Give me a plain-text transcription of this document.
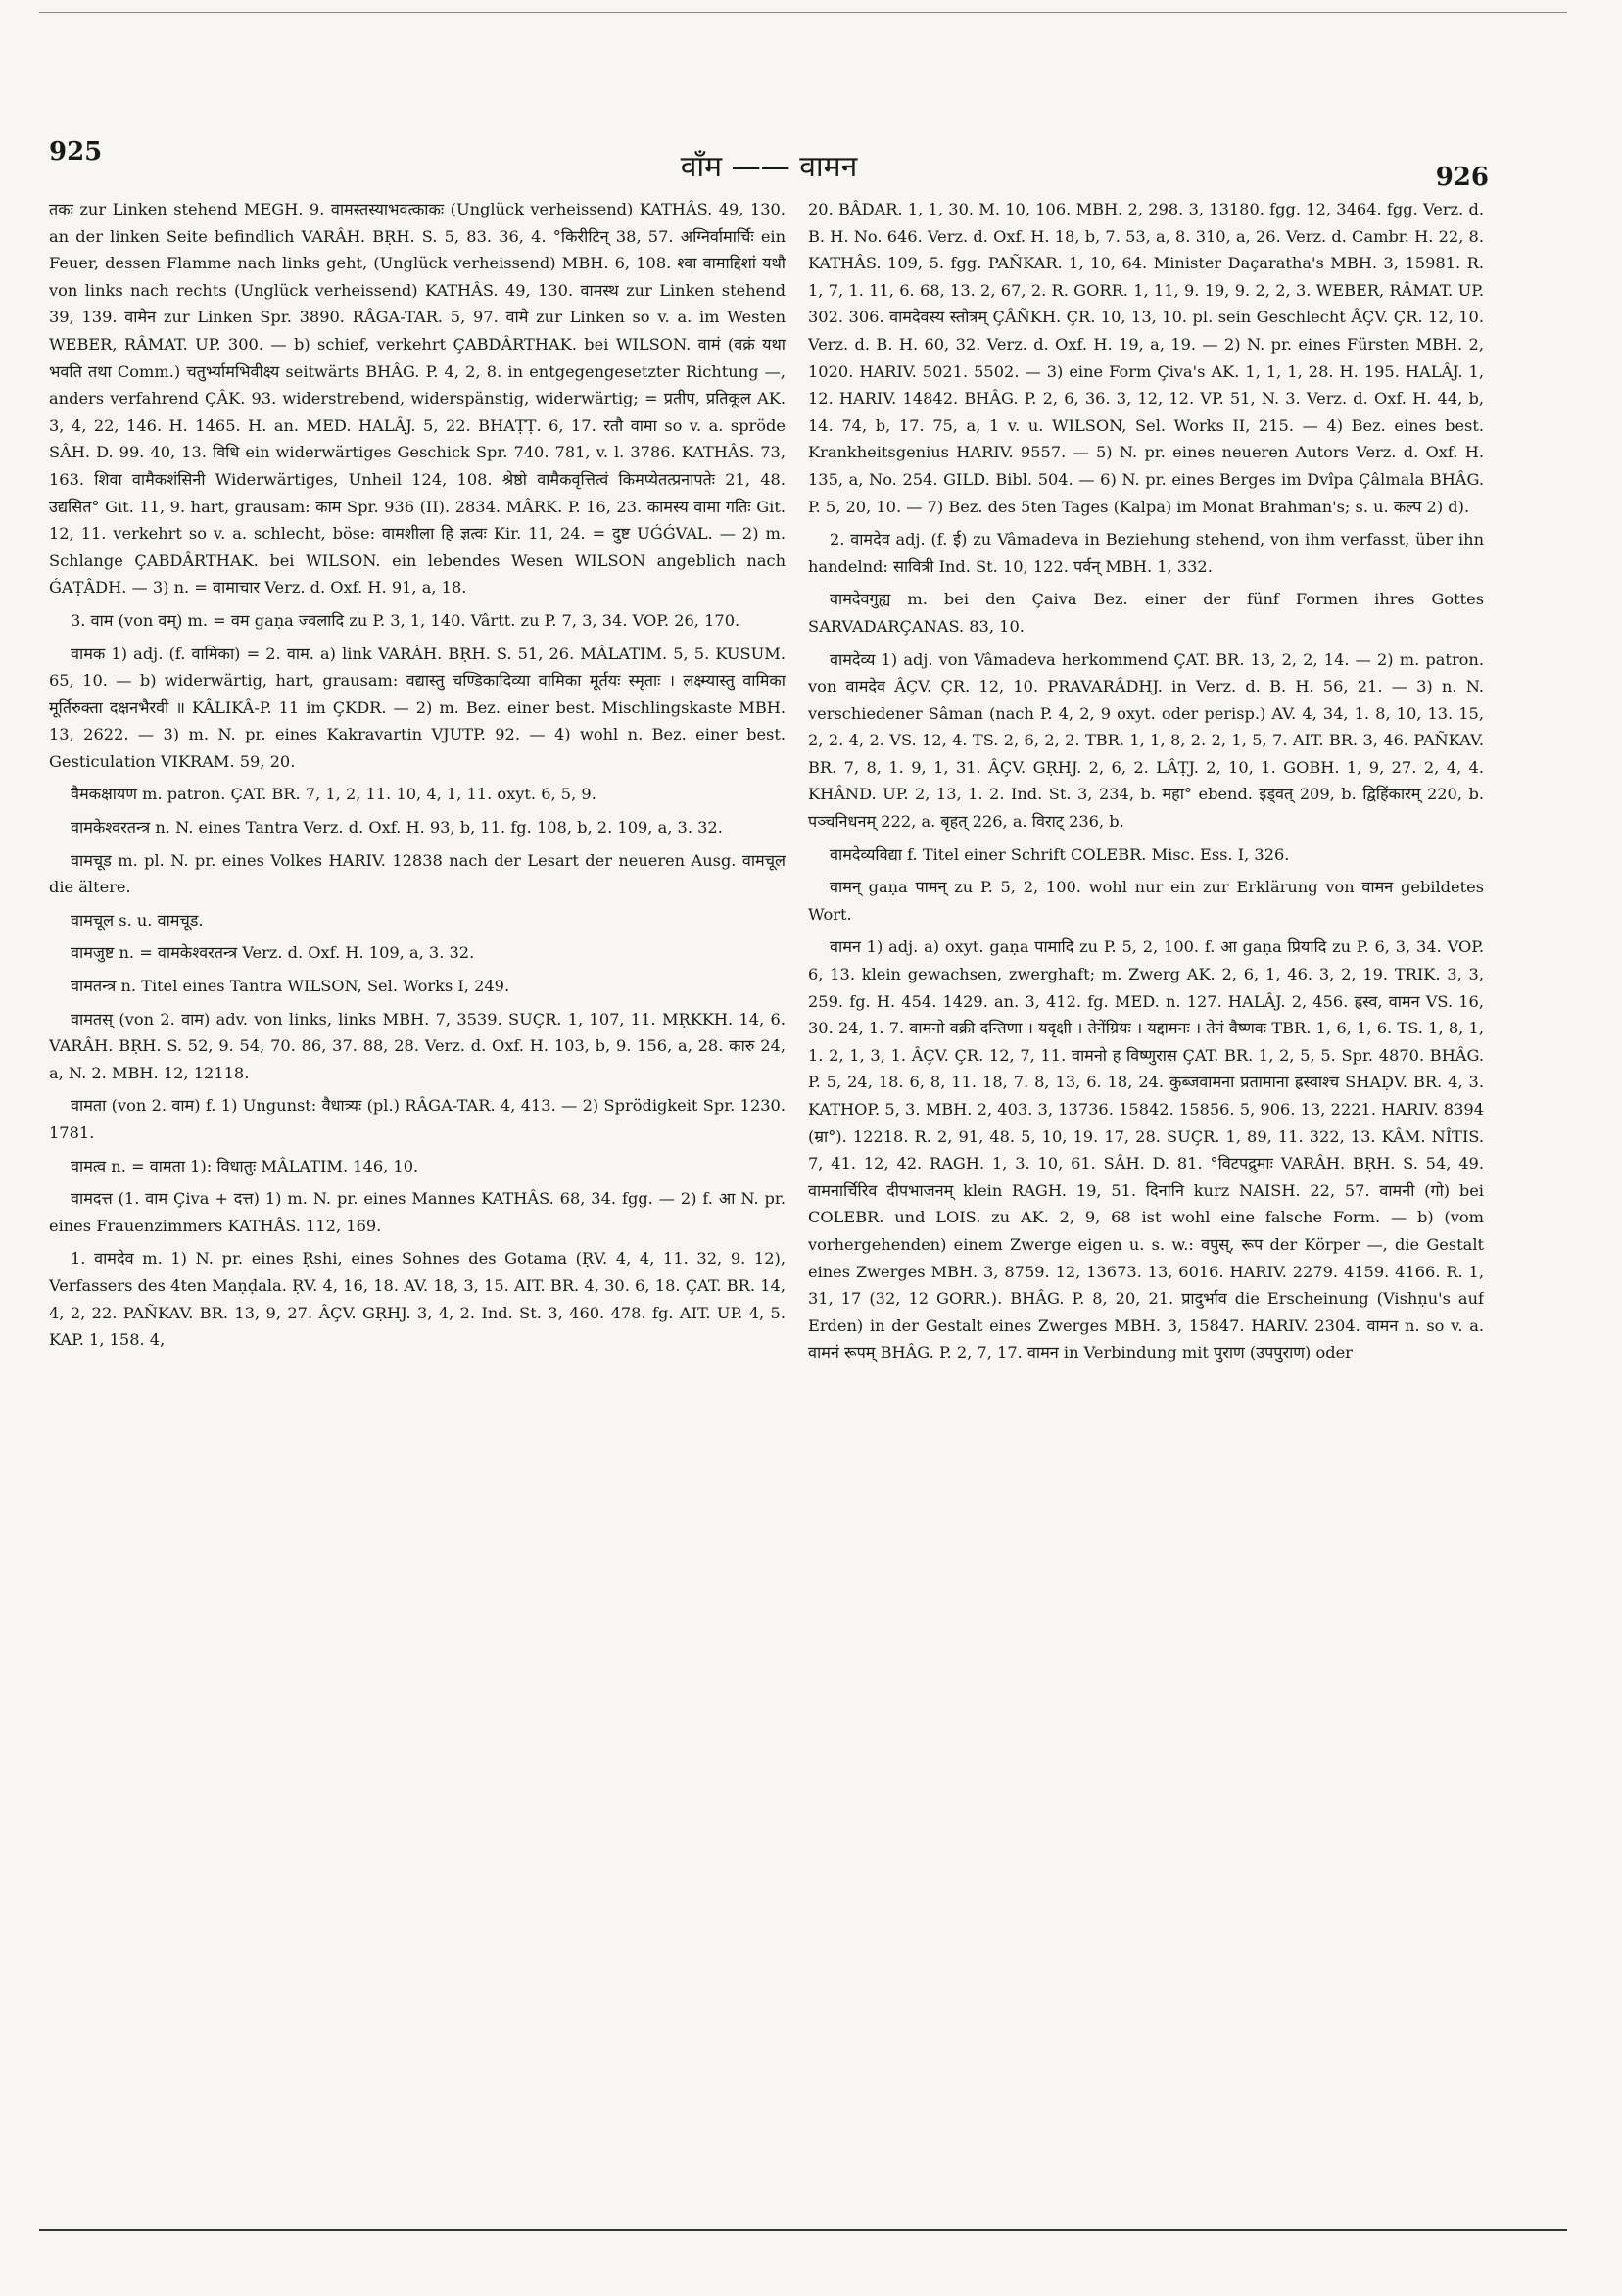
925	वाँम —— वामन	926

तकः zur Linken stehend MEGH. 9. वामस्तस्याभवत्काकः (Unglück verheissend) KATHÂS. 49, 130. an der linken Seite befindlich VARÂH. BṚH. S. 5, 83. 36, 4. °किरीटिन् 38, 57. अग्निर्वामार्चिः ein Feuer, dessen Flamme nach links geht, (Unglück verheissend) MBH. 6, 108. श्वा वामाद्दिशां यथौ von links nach rechts (Unglück verheissend) KATHÂS. 49, 130. वामस्थ zur Linken stehend 39, 139. वामेन zur Linken Spr. 3890. RÂGA-TAR. 5, 97. वामे zur Linken so v. a. im Westen WEBER, RÂMAT. UP. 300. — b) schief, verkehrt ÇABDÂRTHAK. bei WILSON. वामं (वक्रं यथा भवति तथा Comm.) चतुर्भ्यामभिवीक्ष्य seitwärts BHÂG. P. 4, 2, 8. in entgegengesetzter Richtung —, anders verfahrend ÇÂK. 93. widerstrebend, widerspänstig, widerwärtig; = प्रतीप, प्रतिकूल AK. 3, 4, 22, 146. H. 1465. H. an. MED. HALÂJ. 5, 22. BHAṬṬ. 6, 17. रतौ वामा so v. a. spröde SÂH. D. 99. 40, 13. विधि ein widerwärtiges Geschick Spr. 740. 781, v. l. 3786. KATHÂS. 73, 163. शिवा वामैकशंसिनी Widerwärtiges, Unheil 124, 108. श्रेष्ठो वामैकवृत्तित्वं किमप्येतत्प्रनापतेः 21, 48. उद्यसित° Git. 11, 9. hart, grausam: काम Spr. 936 (II). 2834. MÂRK. P. 16, 23. कामस्य वामा गतिः Git. 12, 11. verkehrt so v. a. schlecht, böse: वामशीला हि ज्ञत्वः Kir. 11, 24. = दुष्ट UǴǴVAL. — 2) m. Schlange ÇABDÂRTHAK. bei WILSON. ein lebendes Wesen WILSON angeblich nach ǴAṬÂDH. — 3) n. = वामाचार Verz. d. Oxf. H. 91, a, 18.

3. वाम (von वम्) m. = वम gaṇa ज्वलादि zu P. 3, 1, 140. Vârtt. zu P. 7, 3, 34. VOP. 26, 170.

वामक 1) adj. (f. वामिका) = 2. वाम. a) link VARÂH. BṚH. S. 51, 26. MÂLATIM. 5, 5. KUSUM. 65, 10. — b) widerwärtig, hart, grausam: वद्यास्तु चण्डिकादिव्या वामिका मूर्तयः स्मृताः । लक्ष्म्यास्तु वामिका मूर्तिरुक्ता दक्षनभैरवी ॥ KÂLIKÂ-P. 11 im ÇKDR. — 2) m. Bez. einer best. Mischlingskaste MBH. 13, 2622. — 3) m. N. pr. eines Kakravartin VJUTP. 92. — 4) wohl n. Bez. einer best. Gesticulation VIKRAM. 59, 20.

वैमकक्षायण m. patron. ÇAT. BR. 7, 1, 2, 11. 10, 4, 1, 11. oxyt. 6, 5, 9.

वामकेश्वरतन्त्र n. N. eines Tantra Verz. d. Oxf. H. 93, b, 11. fg. 108, b, 2. 109, a, 3. 32.

वामचूड m. pl. N. pr. eines Volkes HARIV. 12838 nach der Lesart der neueren Ausg. वामचूल die ältere.

वामचूल s. u. वामचूड.

वामजुष्ट n. = वामकेश्वरतन्त्र Verz. d. Oxf. H. 109, a, 3. 32.

वामतन्त्र n. Titel eines Tantra WILSON, Sel. Works I, 249.

वामतस् (von 2. वाम) adv. von links, links MBH. 7, 3539. SUÇR. 1, 107, 11. MṚKKH. 14, 6. VARÂH. BṚH. S. 52, 9. 54, 70. 86, 37. 88, 28. Verz. d. Oxf. H. 103, b, 9. 156, a, 28. कारु 24, a, N. 2. MBH. 12, 12118.

वामता (von 2. वाम) f. 1) Ungunst: वैधात्र्यः (pl.) RÂGA-TAR. 4, 413. — 2) Sprödigkeit Spr. 1230. 1781.

वामत्व n. = वामता 1): विधातुः MÂLATIM. 146, 10.

वामदत्त (1. वाम Çiva + दत्त) 1) m. N. pr. eines Mannes KATHÂS. 68, 34. fgg. — 2) f. आ N. pr. eines Frauenzimmers KATHÂS. 112, 169.

1. वामदेव m. 1) N. pr. eines Ṛshi, eines Sohnes des Gotama (ṚV. 4, 4, 11. 32, 9. 12), Verfassers des 4ten Maṇḍala. ṚV. 4, 16, 18. AV. 18, 3, 15. AIT. BR. 4, 30. 6, 18. ÇAT. BR. 14, 4, 2, 22. PAÑKAV. BR. 13, 9, 27. ÂÇV. GṚHJ. 3, 4, 2. Ind. St. 3, 460. 478. fg. AIT. UP. 4, 5. KAP. 1, 158. 4,

20. BÂDAR. 1, 1, 30. M. 10, 106. MBH. 2, 298. 3, 13180. fgg. 12, 3464. fgg. Verz. d. B. H. No. 646. Verz. d. Oxf. H. 18, b, 7. 53, a, 8. 310, a, 26. Verz. d. Cambr. H. 22, 8. KATHÂS. 109, 5. fgg. PAÑKAR. 1, 10, 64. Minister Daçaratha's MBH. 3, 15981. R. 1, 7, 1. 11, 6. 68, 13. 2, 67, 2. R. GORR. 1, 11, 9. 19, 9. 2, 2, 3. WEBER, RÂMAT. UP. 302. 306. वामदेवस्य स्तोत्रम् ÇÂÑKH. ÇR. 10, 13, 10. pl. sein Geschlecht ÂÇV. ÇR. 12, 10. Verz. d. B. H. 60, 32. Verz. d. Oxf. H. 19, a, 19. — 2) N. pr. eines Fürsten MBH. 2, 1020. HARIV. 5021. 5502. — 3) eine Form Çiva's AK. 1, 1, 1, 28. H. 195. HALÂJ. 1, 12. HARIV. 14842. BHÂG. P. 2, 6, 36. 3, 12, 12. VP. 51, N. 3. Verz. d. Oxf. H. 44, b, 14. 74, b, 17. 75, a, 1 v. u. WILSON, Sel. Works II, 215. — 4) Bez. eines best. Krankheitsgenius HARIV. 9557. — 5) N. pr. eines neueren Autors Verz. d. Oxf. H. 135, a, No. 254. GILD. Bibl. 504. — 6) N. pr. eines Berges im Dvîpa Çâlmala BHÂG. P. 5, 20, 10. — 7) Bez. des 5ten Tages (Kalpa) im Monat Brahman's; s. u. कल्प 2) d).

2. वामदेव adj. (f. ई) zu Vâmadeva in Beziehung stehend, von ihm verfasst, über ihn handelnd: सावित्री Ind. St. 10, 122. पर्वन् MBH. 1, 332.

वामदेवगुह्य m. bei den Çaiva Bez. einer der fünf Formen ihres Gottes SARVADARÇANAS. 83, 10.

वामदेव्य 1) adj. von Vâmadeva herkommend ÇAT. BR. 13, 2, 2, 14. — 2) m. patron. von वामदेव ÂÇV. ÇR. 12, 10. PRAVARÂDHJ. in Verz. d. B. H. 56, 21. — 3) n. N. verschiedener Sâman (nach P. 4, 2, 9 oxyt. oder perisp.) AV. 4, 34, 1. 8, 10, 13. 15, 2, 2. 4, 2. VS. 12, 4. TS. 2, 6, 2, 2. TBR. 1, 1, 8, 2. 2, 1, 5, 7. AIT. BR. 3, 46. PAÑKAV. BR. 7, 8, 1. 9, 1, 31. ÂÇV. GṚHJ. 2, 6, 2. LÂṬJ. 2, 10, 1. GOBH. 1, 9, 27. 2, 4, 4. KHÂND. UP. 2, 13, 1. 2. Ind. St. 3, 234, b. महा° ebend. इड्वत् 209, b. द्विहिंकारम् 220, b. पञ्चनिधनम् 222, a. बृहत् 226, a. विराट् 236, b.

वामदेव्यविद्या f. Titel einer Schrift COLEBR. Misc. Ess. I, 326.

वामन् gaṇa पामन् zu P. 5, 2, 100. wohl nur ein zur Erklärung von वामन gebildetes Wort.

वामन 1) adj. a) oxyt. gaṇa पामादि zu P. 5, 2, 100. f. आ gaṇa प्रियादि zu P. 6, 3, 34. VOP. 6, 13. klein gewachsen, zwerghaft; m. Zwerg AK. 2, 6, 1, 46. 3, 2, 19. TRIK. 3, 3, 259. fg. H. 454. 1429. an. 3, 412. fg. MED. n. 127. HALÂJ. 2, 456. ह्रस्व, वामन VS. 16, 30. 24, 1. 7. वामनो वक्री दन्तिणा । यदृक्षी । तेनेंग्रियः । यद्दामनः । तेनं वैष्णवः TBR. 1, 6, 1, 6. TS. 1, 8, 1, 1. 2, 1, 3, 1. ÂÇV. ÇR. 12, 7, 11. वामनो ह विष्णुरास ÇAT. BR. 1, 2, 5, 5. Spr. 4870. BHÂG. P. 5, 24, 18. 6, 8, 11. 18, 7. 8, 13, 6. 18, 24. कुब्जवामना प्रतामाना ह्रस्वाश्च SHAḌV. BR. 4, 3. KATHOP. 5, 3. MBH. 2, 403. 3, 13736. 15842. 15856. 5, 906. 13, 2221. HARIV. 8394 (म्रा°). 12218. R. 2, 91, 48. 5, 10, 19. 17, 28. SUÇR. 1, 89, 11. 322, 13. KÂM. NÎTIS. 7, 41. 12, 42. RAGH. 1, 3. 10, 61. SÂH. D. 81. °विटपद्रुमाः VARÂH. BṚH. S. 54, 49. वामनार्चिरिव दीपभाजनम् klein RAGH. 19, 51. दिनानि kurz NAISH. 22, 57. वामनी (गो) bei COLEBR. und LOIS. zu AK. 2, 9, 68 ist wohl eine falsche Form. — b) (vom vorhergehenden) einem Zwerge eigen u. s. w.: वपुस्, रूप der Körper —, die Gestalt eines Zwerges MBH. 3, 8759. 12, 13673. 13, 6016. HARIV. 2279. 4159. 4166. R. 1, 31, 17 (32, 12 GORR.). BHÂG. P. 8, 20, 21. प्रादुर्भाव die Erscheinung (Vishṇu's auf Erden) in der Gestalt eines Zwerges MBH. 3, 15847. HARIV. 2304. वामन n. so v. a. वामनं रूपम् BHÂG. P. 2, 7, 17. वामन in Verbindung mit पुराण (उपपुराण) oder
